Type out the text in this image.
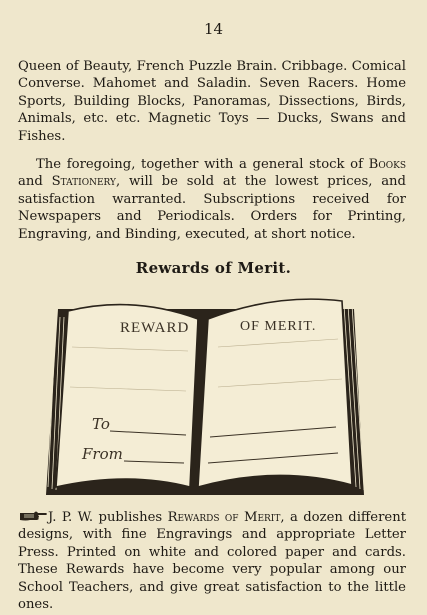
14

Queen of Beauty, French Puzzle Brain. Cribbage. Comical Converse. Mahomet and Saladin. Seven Racers. Home Sports, Building Blocks, Panoramas, Dissections, Birds, Animals, etc. etc. Magnetic Toys — Ducks, Swans and Fishes.

The foregoing, together with a general stock of Books and Stationery, will be sold at the lowest prices, and satisfaction warranted. Subscriptions received for Newspapers and Periodicals. Orders for Printing, Engraving, and Binding, executed, at short notice.

Rewards of Merit.
REWARD	OF MERIT.
To
From

J. P. W. publishes Rewards of Merit, a dozen different designs, with fine Engravings and appropriate Letter Press. Printed on white and colored paper and cards. These Rewards have become very popular among our School Teachers, and give great satisfaction to the little ones.
